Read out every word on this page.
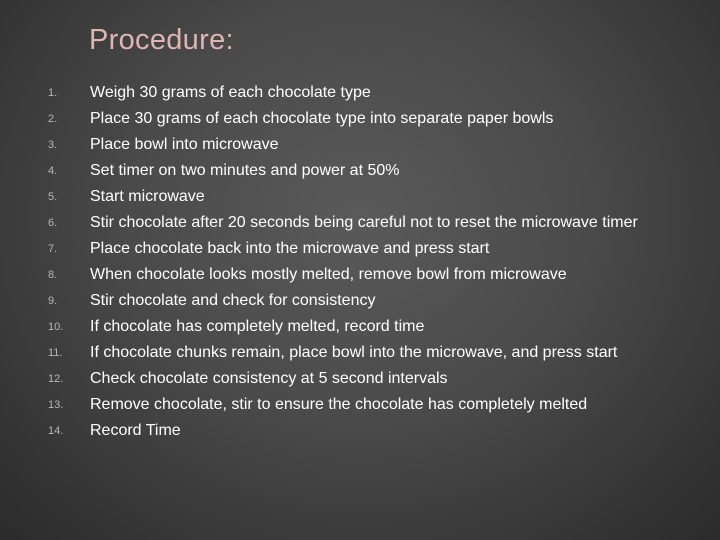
Procedure:
1. Weigh 30 grams of each chocolate type
2. Place 30 grams of each chocolate type into separate paper bowls
3. Place bowl into microwave
4. Set timer on two minutes and power at 50%
5. Start microwave
6. Stir chocolate after 20 seconds being careful not to reset the microwave timer
7. Place chocolate back into the microwave and press start
8. When chocolate looks mostly melted, remove bowl from microwave
9. Stir chocolate and check for consistency
10. If chocolate has completely melted, record time
11. If chocolate chunks remain, place bowl into the microwave, and press start
12. Check chocolate consistency at 5 second intervals
13. Remove chocolate, stir to ensure the chocolate has completely melted
14. Record Time
